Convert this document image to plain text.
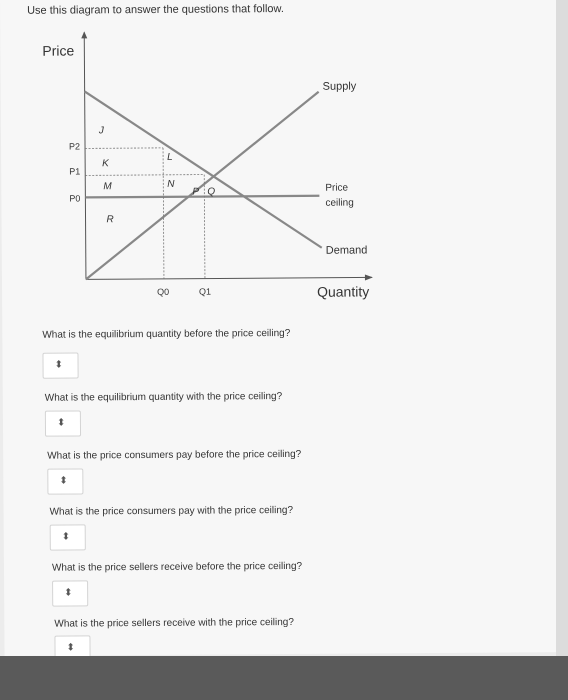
Use this diagram to answer the questions that follow.
Price
Quantity
Supply
Price
ceiling
Demand
P2
P1
P0
Q0	Q1
J
K
M
R
L
N
P Q
What is the equilibrium quantity before the price ceiling?
⬍
What is the equilibrium quantity with the price ceiling?
⬍
What is the price consumers pay before the price ceiling?
⬍
What is the price consumers pay with the price ceiling?
⬍
What is the price sellers receive before the price ceiling?
⬍
What is the price sellers receive with the price ceiling?
⬍
